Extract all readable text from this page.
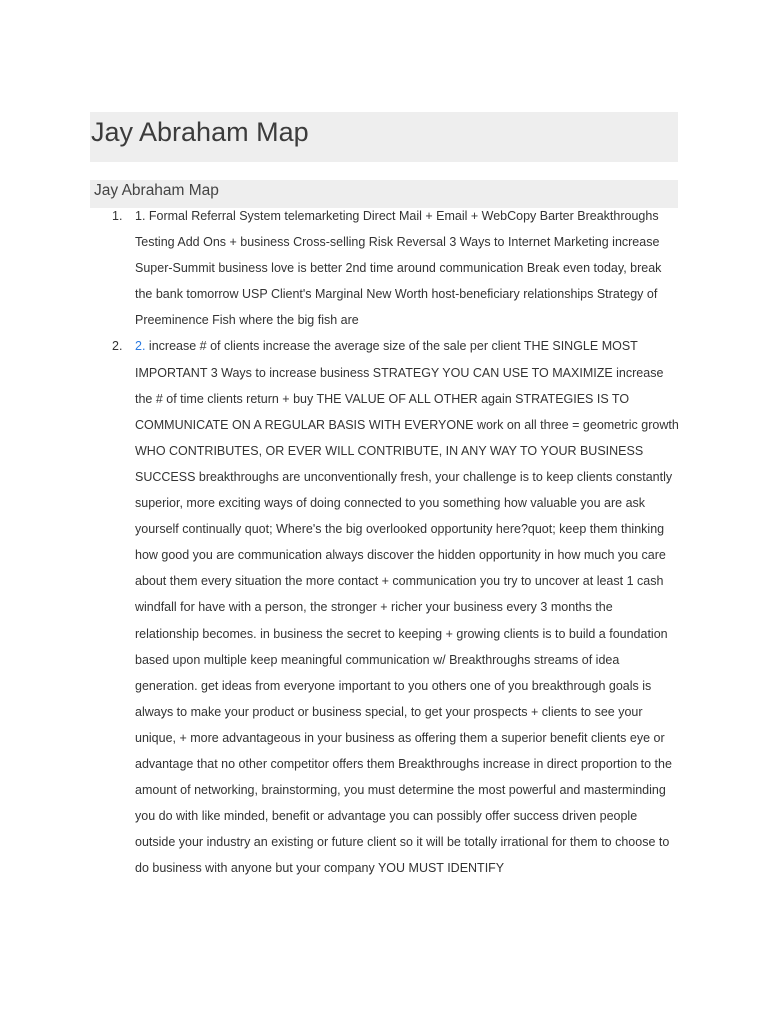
Jay Abraham Map
Jay Abraham Map
1. 1. Formal Referral System telemarketing Direct Mail + Email + WebCopy Barter Breakthroughs Testing Add Ons + business Cross-selling Risk Reversal 3 Ways to Internet Marketing increase Super-Summit business love is better 2nd time around communication Break even today, break the bank tomorrow USP Client's Marginal New Worth host-beneficiary relationships Strategy of Preeminence Fish where the big fish are
2. 2. increase # of clients increase the average size of the sale per client THE SINGLE MOST IMPORTANT 3 Ways to increase business STRATEGY YOU CAN USE TO MAXIMIZE increase the # of time clients return + buy THE VALUE OF ALL OTHER again STRATEGIES IS TO COMMUNICATE ON A REGULAR BASIS WITH EVERYONE work on all three = geometric growth WHO CONTRIBUTES, OR EVER WILL CONTRIBUTE, IN ANY WAY TO YOUR BUSINESS SUCCESS breakthroughs are unconventionally fresh, your challenge is to keep clients constantly superior, more exciting ways of doing connected to you something how valuable you are ask yourself continually quot; Where's the big overlooked opportunity here?quot; keep them thinking how good you are communication always discover the hidden opportunity in how much you care about them every situation the more contact + communication you try to uncover at least 1 cash windfall for have with a person, the stronger + richer your business every 3 months the relationship becomes. in business the secret to keeping + growing clients is to build a foundation based upon multiple keep meaningful communication w/ Breakthroughs streams of idea generation. get ideas from everyone important to you others one of you breakthrough goals is always to make your product or business special, to get your prospects + clients to see your unique, + more advantageous in your business as offering them a superior benefit clients eye or advantage that no other competitor offers them Breakthroughs increase in direct proportion to the amount of networking, brainstorming, you must determine the most powerful and masterminding you do with like minded, benefit or advantage you can possibly offer success driven people outside your industry an existing or future client so it will be totally irrational for them to choose to do business with anyone but your company YOU MUST IDENTIFY
